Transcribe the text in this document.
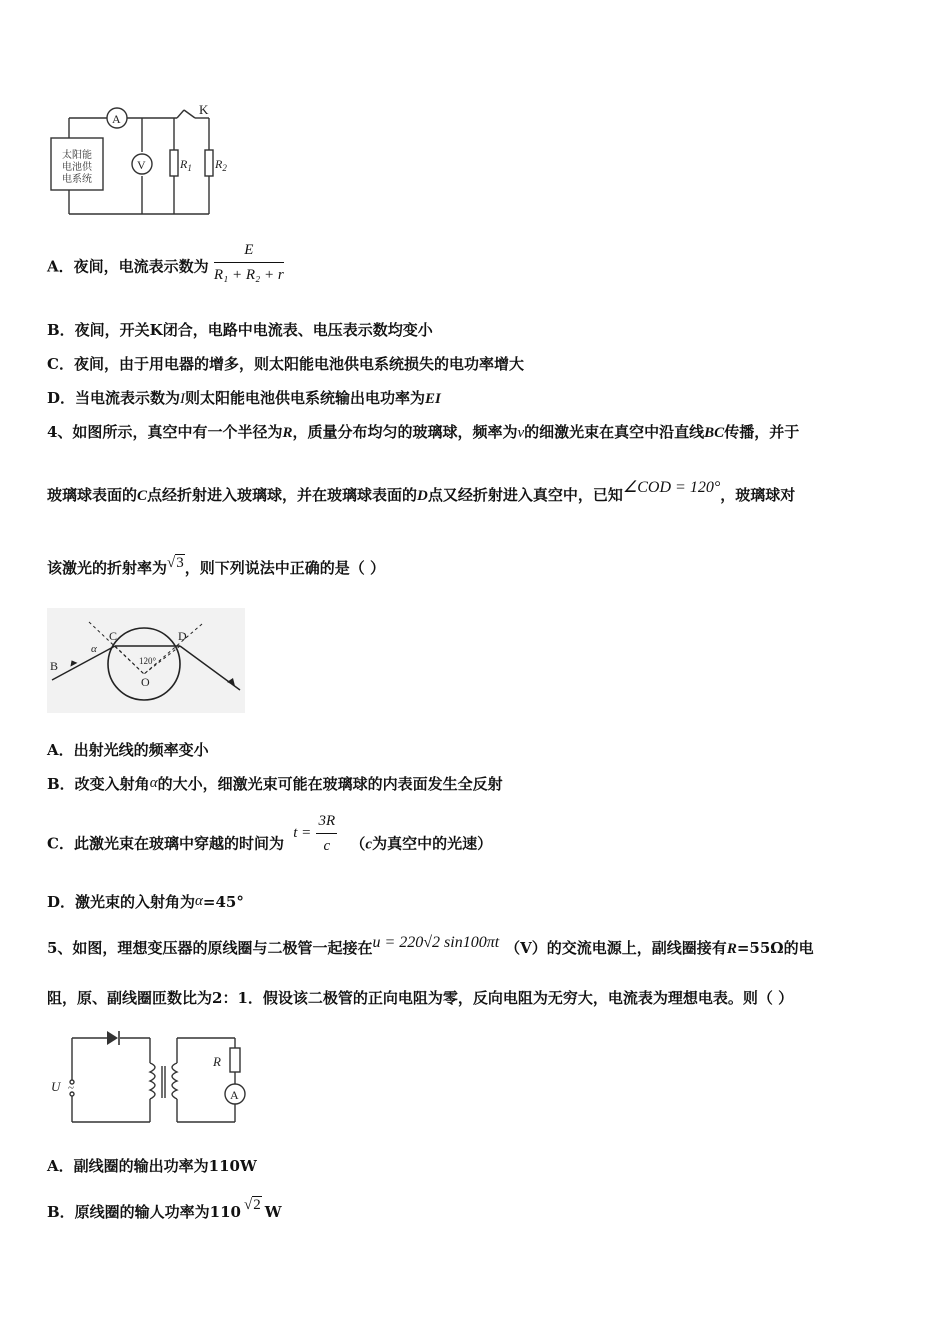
K
A
V	$R_1$ $R_2$
太阳能
电池供
电系统
A．夜间，电流表示数为 $\frac{E}{\text{R₁ + R₂ + r}}$
B．夜间，开关K闭合，电路中电流表、电压表示数均变小
C．夜间，由于用电器的增多，则太阳能电池供电系统损失的电功率增大
D．当电流表示数为I则太阳能电池供电系统输出电功率为EI
4、如图所示，真空中有一个半径为R，质量分布均匀的玻璃球，频率为ν的细激光束在真空中沿直线BC传播，并于
玻璃球表面的C点经折射进入玻璃球，并在玻璃球表面的D点又经折射进入真空中，已知∠COD = 120°，玻璃球对
该激光的折射率为√3，则下列说法中正确的是（ ）
B
C	D
O
α
120°
A．出射光线的频率变小
B．改变入射角α的大小，细激光束可能在玻璃球的内表面发生全反射
C．此激光束在玻璃中穿越的时间为 $t = \frac{3R}{c} (c$为真空中的光速）
D．激光束的入射角为α=45°
5、如图，理想变压器的原线圈与二极管一起接在u = 220√2 sin100πt （V）的交流电源上，副线圈接有R=55Ω的电
阻，原、副线圈匝数比为2：1．假设该二极管的正向电阻为零，反向电阻为无穷大，电流表为理想电表。则（ ）
~
U
R
A
A．副线圈的输出功率为110W
B．原线圈的输人功率为110 √2 W
